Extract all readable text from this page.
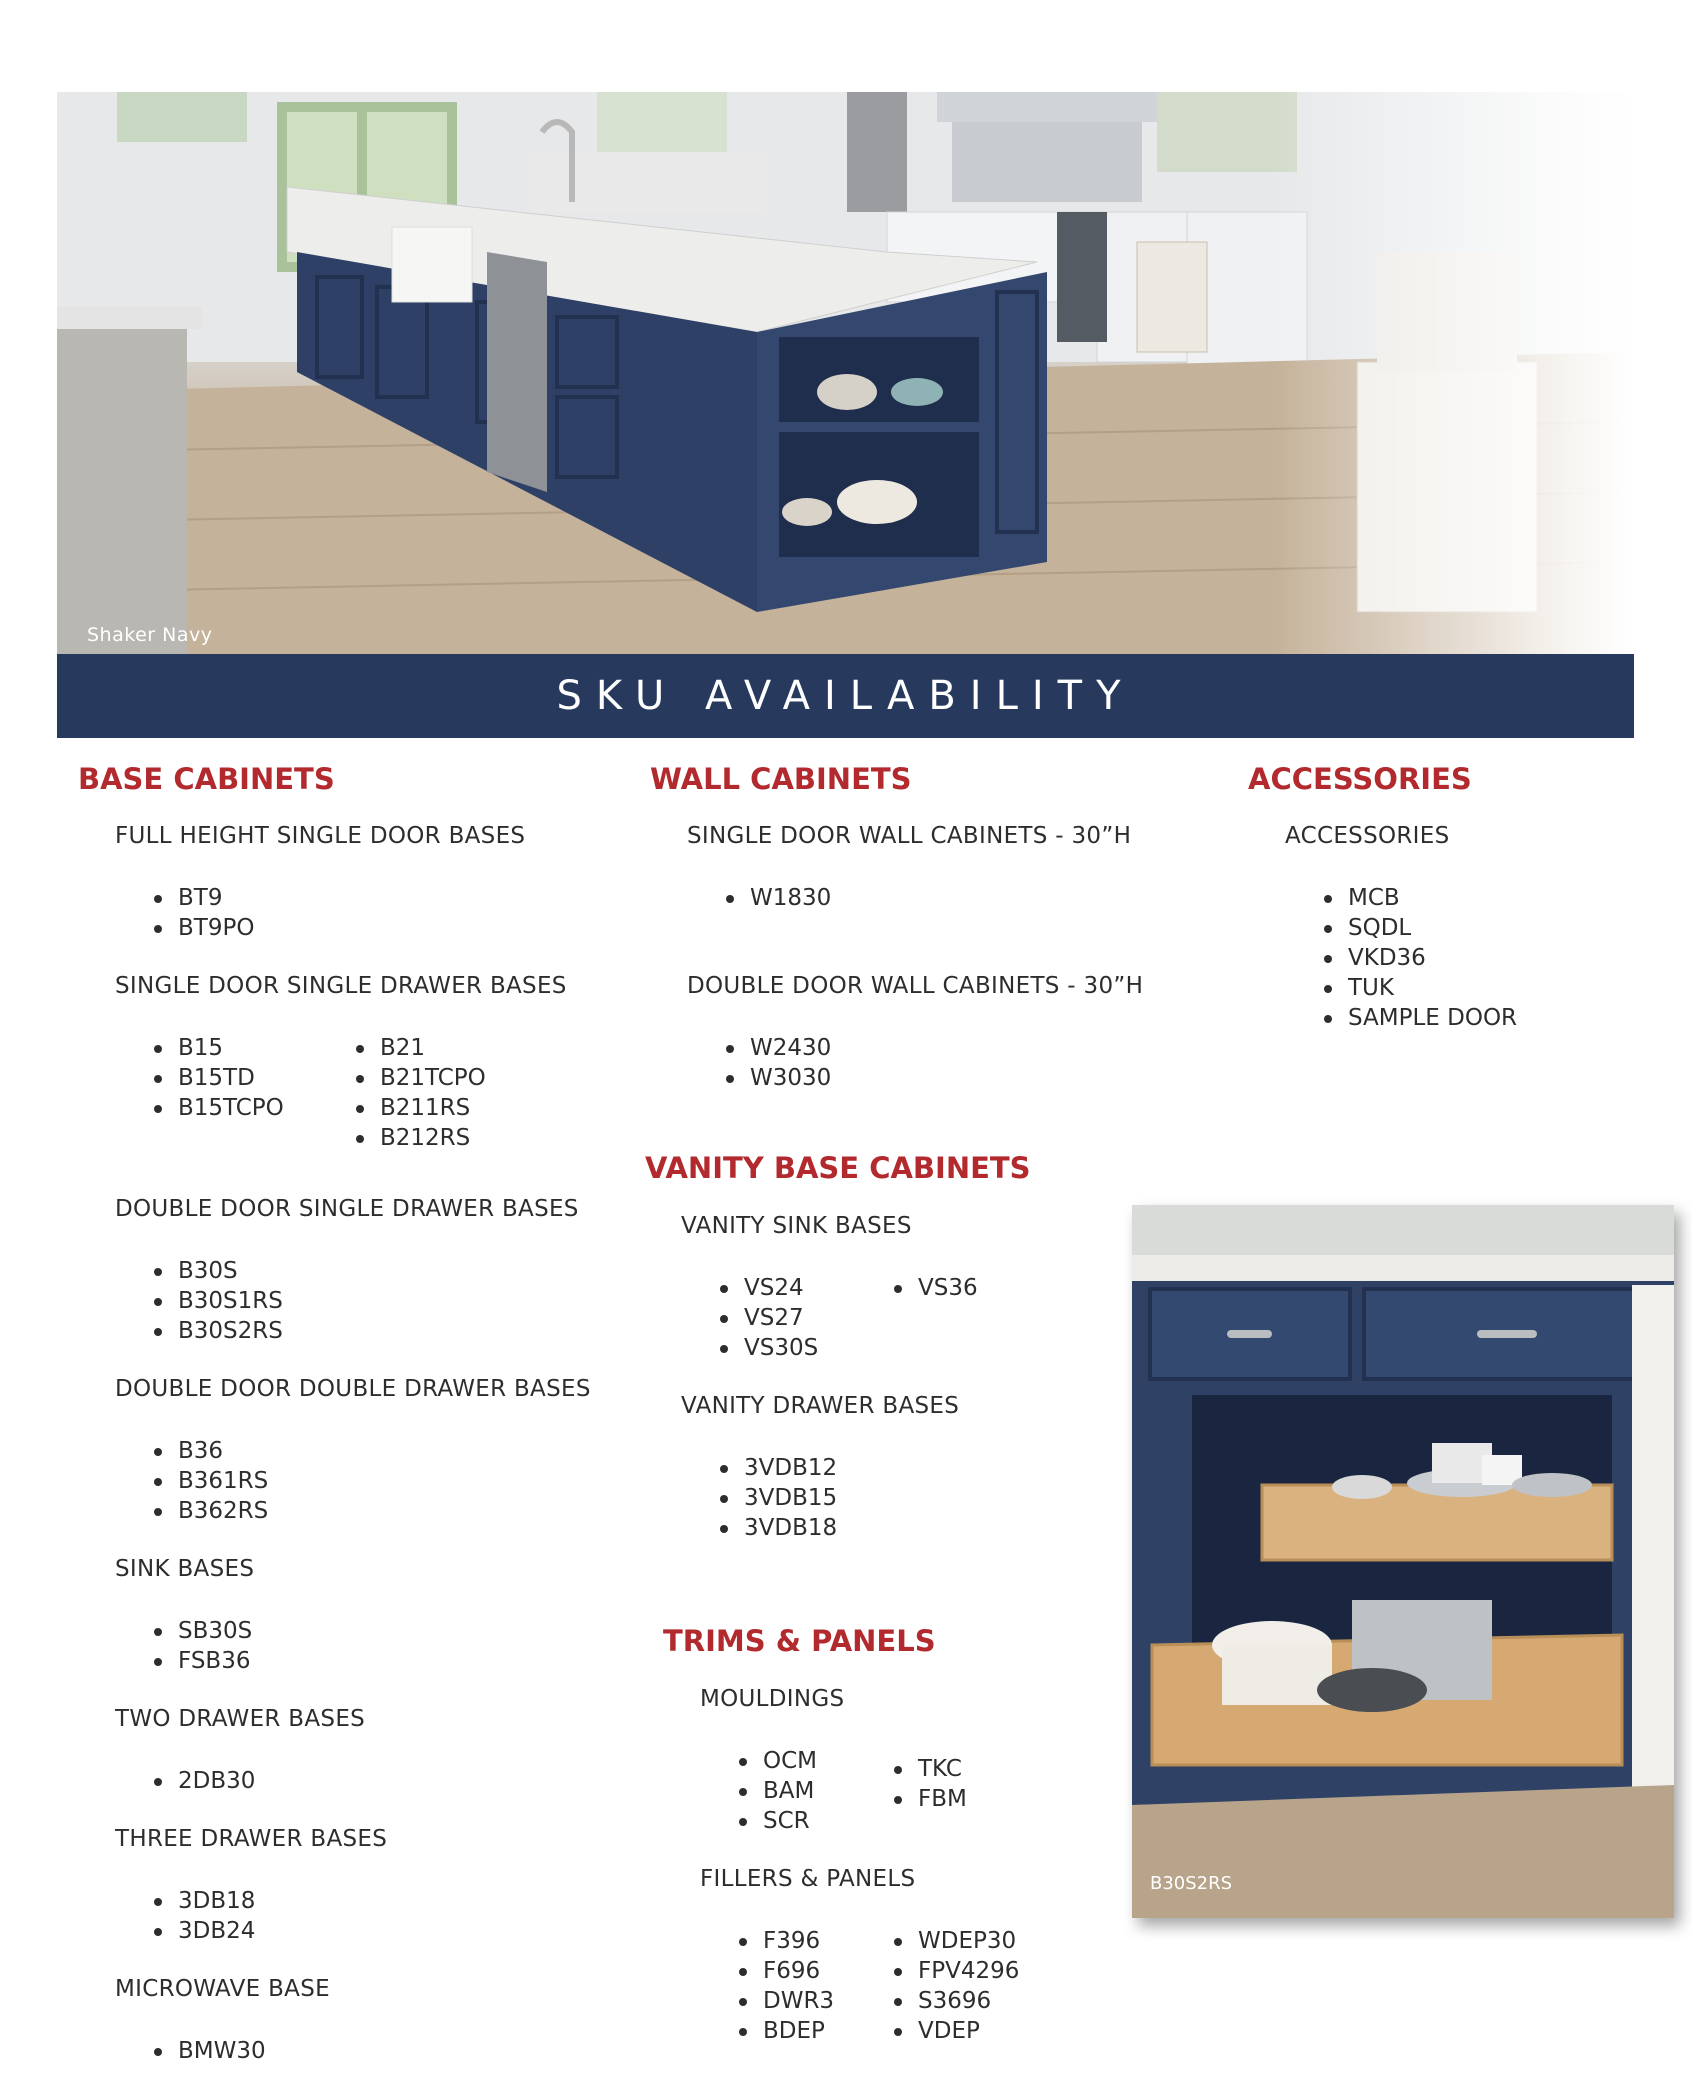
Shaker Navy
SKU AVAILABILITY
BASE CABINETS
FULL HEIGHT SINGLE DOOR BASES
BT9
BT9PO
SINGLE DOOR SINGLE DRAWER BASES
B15
B15TD
B15TCPO
B21
B21TCPO
B211RS
B212RS
DOUBLE DOOR SINGLE DRAWER BASES
B30S
B30S1RS
B30S2RS
DOUBLE DOOR DOUBLE DRAWER BASES
B36
B361RS
B362RS
SINK BASES
SB30S
FSB36
TWO DRAWER BASES
2DB30
THREE DRAWER BASES
3DB18
3DB24
MICROWAVE BASE
BMW30
WALL CABINETS
SINGLE DOOR WALL CABINETS - 30”H
W1830
DOUBLE DOOR WALL CABINETS - 30”H
W2430
W3030
VANITY BASE CABINETS
VANITY SINK BASES
VS24
VS27
VS30S
VS36
VANITY DRAWER BASES
3VDB12
3VDB15
3VDB18
TRIMS & PANELS
MOULDINGS
OCM
BAM
SCR
TKC
FBM
FILLERS & PANELS
F396
F696
DWR3
BDEP
WDEP30
FPV4296
S3696
VDEP
ACCESSORIES
ACCESSORIES
MCB
SQDL
VKD36
TUK
SAMPLE DOOR
B30S2RS
